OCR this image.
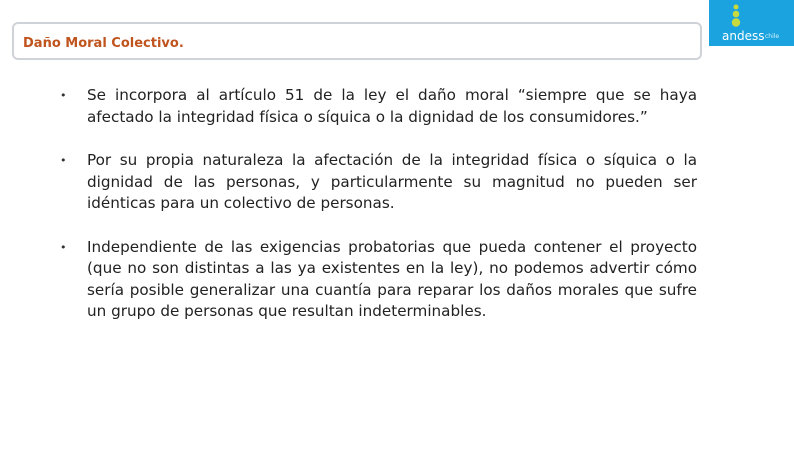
Daño Moral Colectivo.	andess chile
• Se incorpora al artículo 51 de la ley el daño moral “siempre que se haya afectado la integridad física o síquica o la dignidad de los consumidores.”
• Por su propia naturaleza la afectación de la integridad física o síquica o la dignidad de las personas, y particularmente su magnitud no pueden ser idénticas para un colectivo de personas.
• Independiente de las exigencias probatorias que pueda contener el proyecto (que no son distintas a las ya existentes en la ley), no podemos advertir cómo sería posible generalizar una cuantía para reparar los daños morales que sufre un grupo de personas que resultan indeterminables.
